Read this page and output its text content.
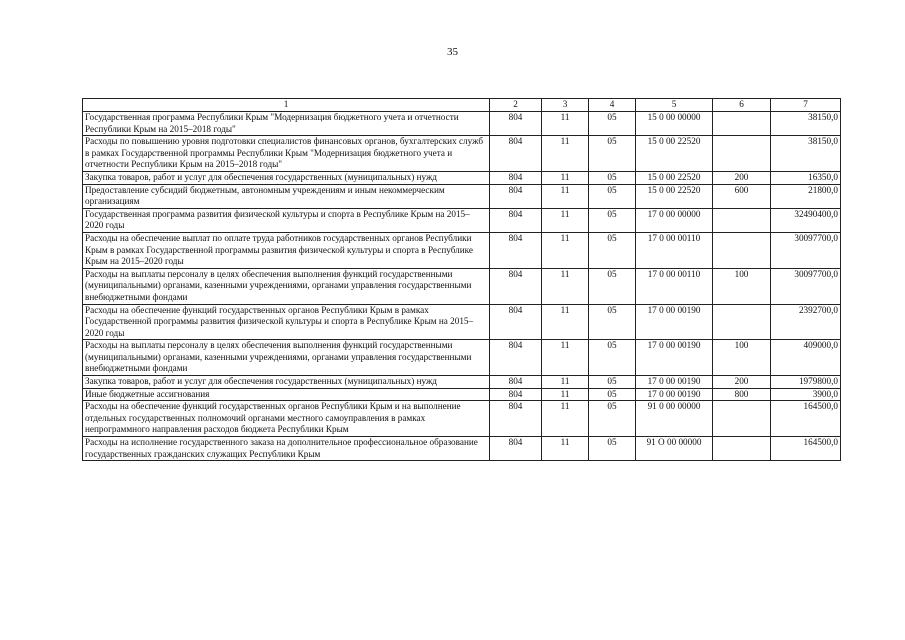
35
1	2	3	4	5	6	7
Государственная программа Республики Крым "Модернизация бюджетного учета и отчетности Республики Крым на 2015–2018 годы"	804	11	05	15 0 00 00000		38150,0
Расходы по повышению уровня подготовки специалистов финансовых органов, бухгалтерских служб в рамках Государственной программы Республики Крым "Модернизация бюджетного учета и отчетности Республики Крым на 2015–2018 годы"	804	11	05	15 0 00 22520		38150,0
Закупка товаров, работ и услуг для обеспечения государственных (муниципальных) нужд	804	11	05	15 0 00 22520	200	16350,0
Предоставление субсидий бюджетным, автономным учреждениям и иным некоммерческим организациям	804	11	05	15 0 00 22520	600	21800,0
Государственная программа развития физической культуры и спорта в Республике Крым на 2015–2020 годы	804	11	05	17 0 00 00000		32490400,0
Расходы на обеспечение выплат по оплате труда работников государственных органов Республики Крым в рамках Государственной программы развития физической культуры и спорта в Республике Крым на 2015–2020 годы	804	11	05	17 0 00 00110		30097700,0
Расходы на выплаты персоналу в целях обеспечения выполнения функций государственными (муниципальными) органами, казенными учреждениями, органами управления государственными внебюджетными фондами	804	11	05	17 0 00 00110	100	30097700,0
Расходы на обеспечение функций государственных органов Республики Крым в рамках Государственной программы развития физической культуры и спорта в Республике Крым на 2015–2020 годы	804	11	05	17 0 00 00190		2392700,0
Расходы на выплаты персоналу в целях обеспечения выполнения функций государственными (муниципальными) органами, казенными учреждениями, органами управления государственными внебюджетными фондами	804	11	05	17 0 00 00190	100	409000,0
Закупка товаров, работ и услуг для обеспечения государственных (муниципальных) нужд	804	11	05	17 0 00 00190	200	1979800,0
Иные бюджетные ассигнования	804	11	05	17 0 00 00190	800	3900,0
Расходы на обеспечение функций государственных органов Республики Крым и на выполнение отдельных государственных полномочий органами местного самоуправления в рамках непрограммного направления расходов бюджета Республики Крым	804	11	05	91 0 00 00000		164500,0
Расходы на исполнение государственного заказа на дополнительное профессиональное образование государственных гражданских служащих Республики Крым	804	11	05	91 О 00 00000		164500,0
